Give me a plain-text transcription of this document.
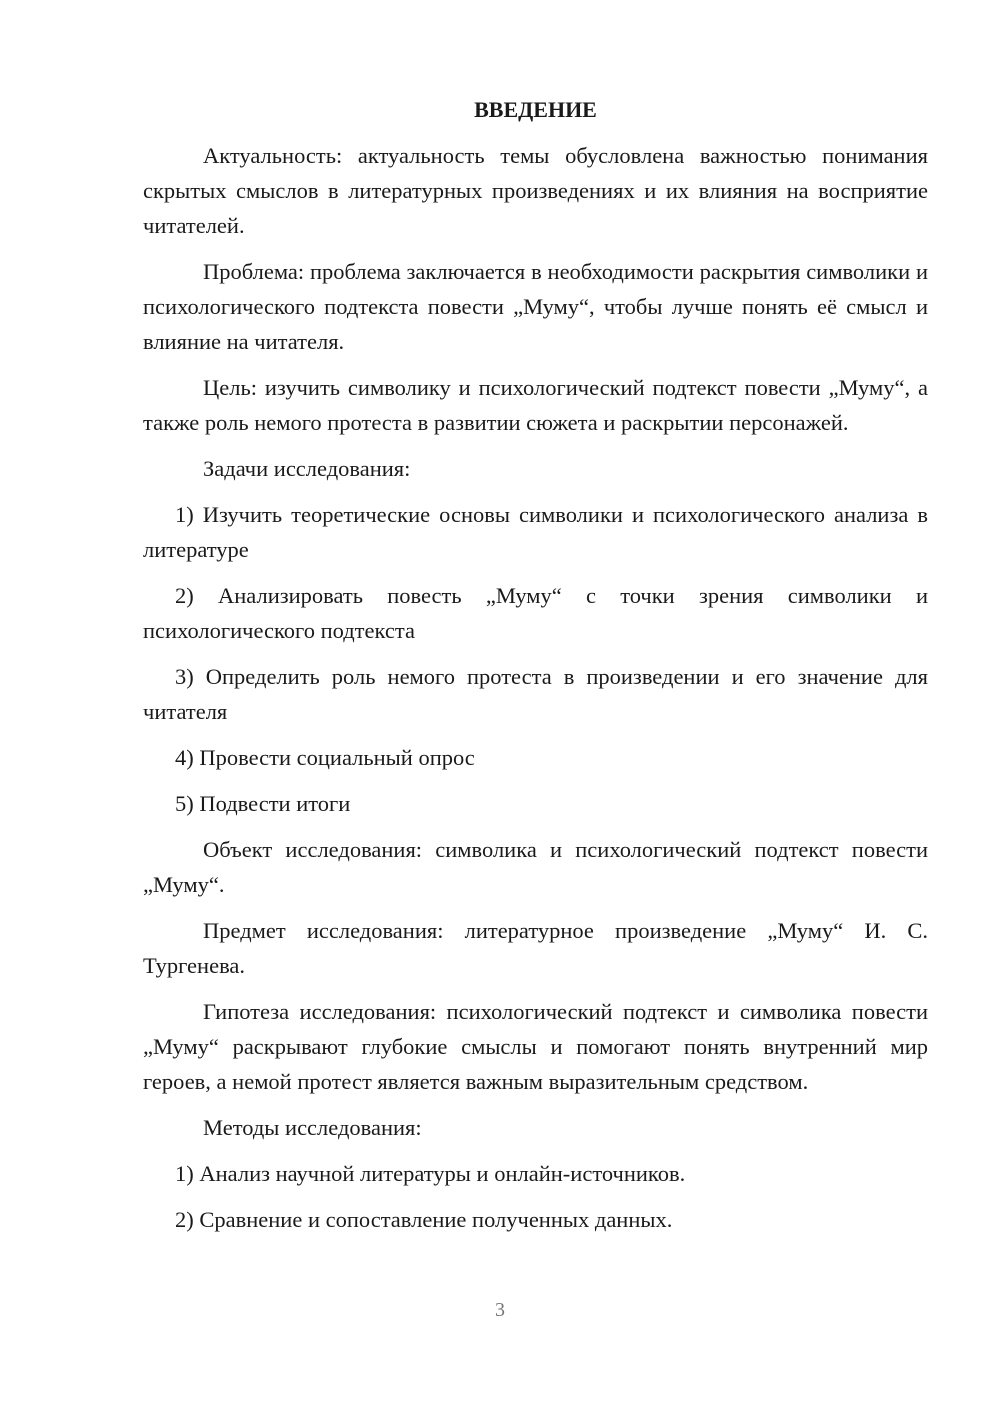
ВВЕДЕНИЕ

Актуальность: актуальность темы обусловлена важностью понимания скрытых смыслов в литературных произведениях и их влияния на восприятие читателей.

Проблема: проблема заключается в необходимости раскрытия символики и психологического подтекста повести „Муму“, чтобы лучше понять её смысл и влияние на читателя.

Цель: изучить символику и психологический подтекст повести „Муму“, а также роль немого протеста в развитии сюжета и раскрытии персонажей.

Задачи исследования:

1) Изучить теоретические основы символики и психологического анализа в литературе

2) Анализировать повесть „Муму“ с точки зрения символики и психологического подтекста

3) Определить роль немого протеста в произведении и его значение для читателя

4) Провести социальный опрос

5) Подвести итоги

Объект исследования: символика и психологический подтекст повести „Муму“.

Предмет исследования: литературное произведение „Муму“ И. С. Тургенева.

Гипотеза исследования: психологический подтекст и символика повести „Муму“ раскрывают глубокие смыслы и помогают понять внутренний мир героев, а немой протест является важным выразительным средством.

Методы исследования:

1) Анализ научной литературы и онлайн-источников.

2) Сравнение и сопоставление полученных данных.

3
